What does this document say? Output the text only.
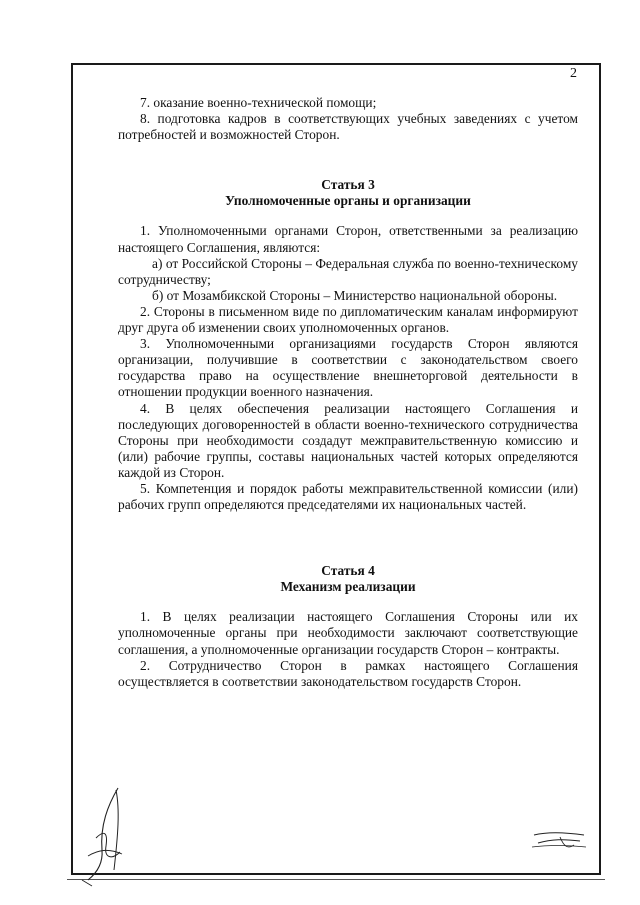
2

7. оказание военно-технической помощи;

8. подготовка кадров в соответствующих учебных заведениях с учетом потребностей и возможностей Сторон.

Статья 3

Уполномоченные органы и организации

1. Уполномоченными органами Сторон, ответственными за реализацию настоящего Соглашения, являются:

а) от Российской Стороны – Федеральная служба по военно-техническому сотрудничеству;

б) от Мозамбикской Стороны – Министерство национальной обороны.

2. Стороны в письменном виде по дипломатическим каналам информируют друг друга об изменении своих уполномоченных органов.

3. Уполномоченными организациями государств Сторон являются организации, получившие в соответствии с законодательством своего государства право на осуществление внешнеторговой деятельности в отношении продукции военного назначения.

4. В целях обеспечения реализации настоящего Соглашения и последующих договоренностей в области военно-технического сотрудничества Стороны при необходимости создадут межправительственную комиссию и (или) рабочие группы, составы национальных частей которых определяются каждой из Сторон.

5. Компетенция и порядок работы межправительственной комиссии (или) рабочих групп определяются председателями их национальных частей.

Статья 4

Механизм реализации

1. В целях реализации настоящего Соглашения Стороны или их уполномоченные органы при необходимости заключают соответствующие соглашения, а уполномоченные организации государств Сторон – контракты.

2. Сотрудничество Сторон в рамках настоящего Соглашения осуществляется в соответствии законодательством государств Сторон.
